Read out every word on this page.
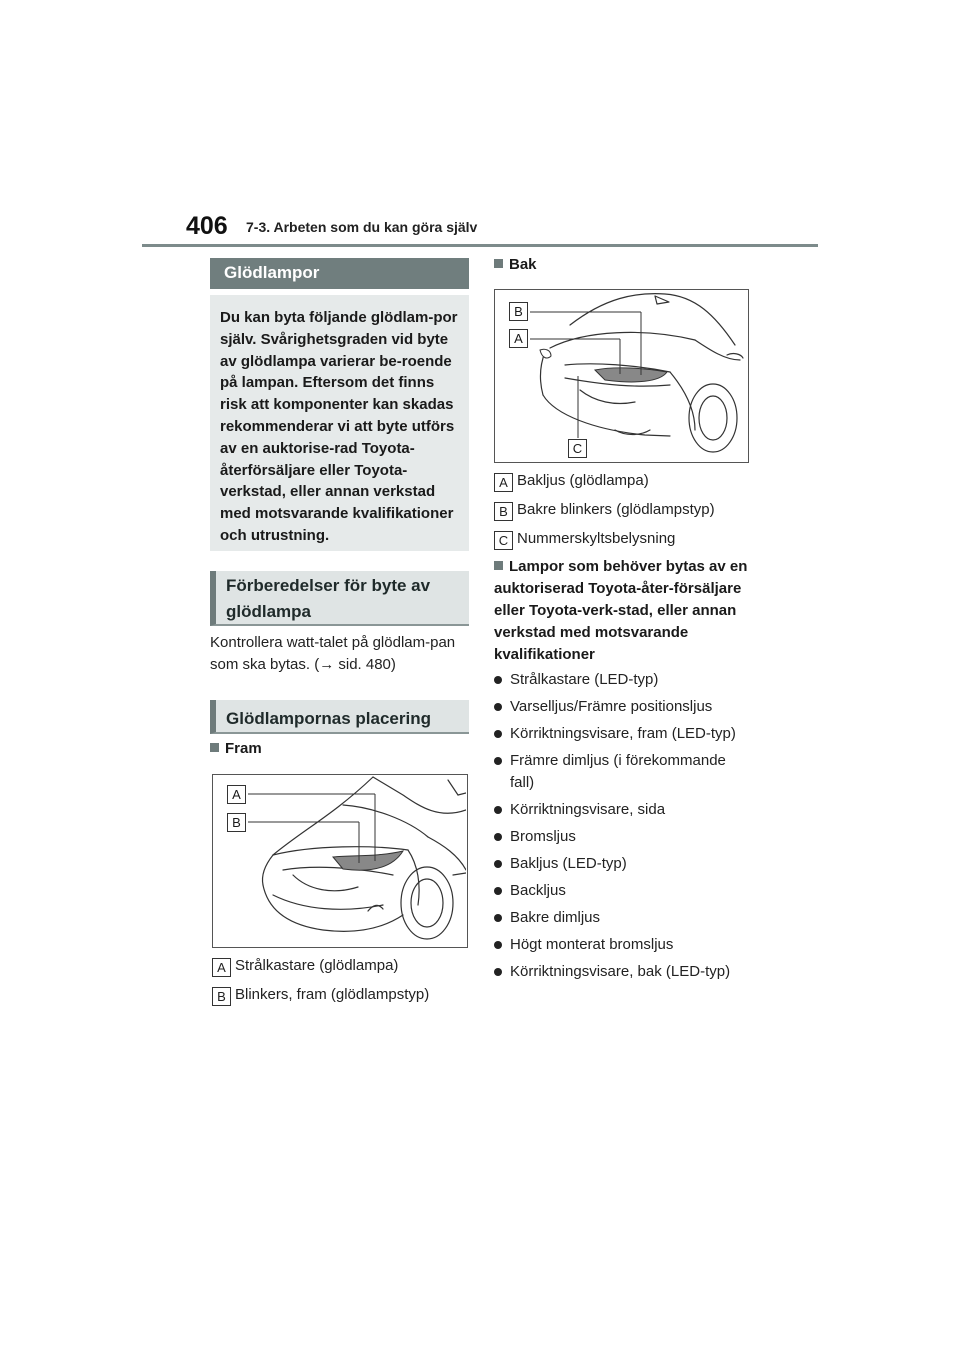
406 7-3. Arbeten som du kan göra själv
Glödlampor
Du kan byta följande glödlam-por själv. Svårighetsgraden vid byte av glödlampa varierar be-roende på lampan. Eftersom det finns risk att komponenter kan skadas rekommenderar vi att byte utförs av en auktorise-rad Toyota-återförsäljare eller Toyota-verkstad, eller annan verkstad med motsvarande kvalifikationer och utrustning.
Förberedelser för byte av glödlampa
Kontrollera watt-talet på glödlam-pan som ska bytas. (→ sid. 480)
Glödlampornas placering
Fram
A
B
A Strålkastare (glödlampa)
B Blinkers, fram (glödlampstyp)
Bak
B
A
C
A Bakljus (glödlampa)
B Bakre blinkers (glödlampstyp)
C Nummerskyltsbelysning
Lampor som behöver bytas av en auktoriserad Toyota-åter-försäljare eller Toyota-verk-stad, eller annan verkstad med motsvarande kvalifikationer
Strålkastare (LED-typ)
Varselljus/Främre positionsljus
Körriktningsvisare, fram (LED-typ)
Främre dimljus (i förekommande fall)
Körriktningsvisare, sida
Bromsljus
Bakljus (LED-typ)
Backljus
Bakre dimljus
Högt monterat bromsljus
Körriktningsvisare, bak (LED-typ)
